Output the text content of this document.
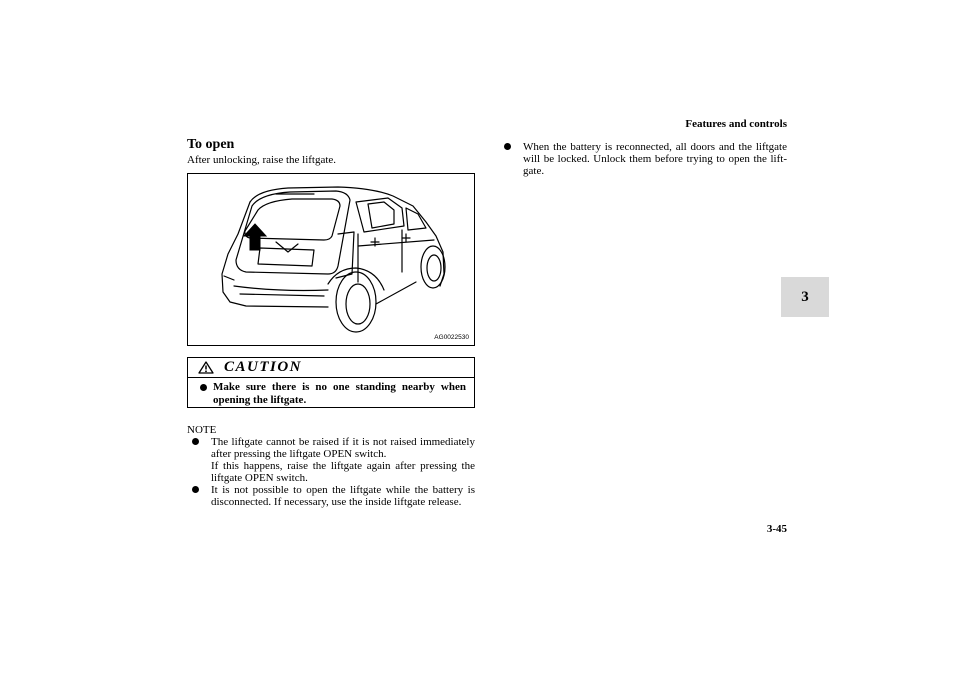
Features and controls
3
To open
After unlocking, raise the liftgate.
AG0022530
CAUTION
Make sure there is no one standing nearby when opening the liftgate.
NOTE

The liftgate cannot be raised if it is not raised immediately after pressing the liftgate OPEN switch.

If this happens, raise the liftgate again after pressing the liftgate OPEN switch.

It is not possible to open the liftgate while the battery is disconnected. If necessary, use the inside liftgate release.

When the battery is reconnected, all doors and the liftgate will be locked. Unlock them before trying to open the lift-gate.

3-45
